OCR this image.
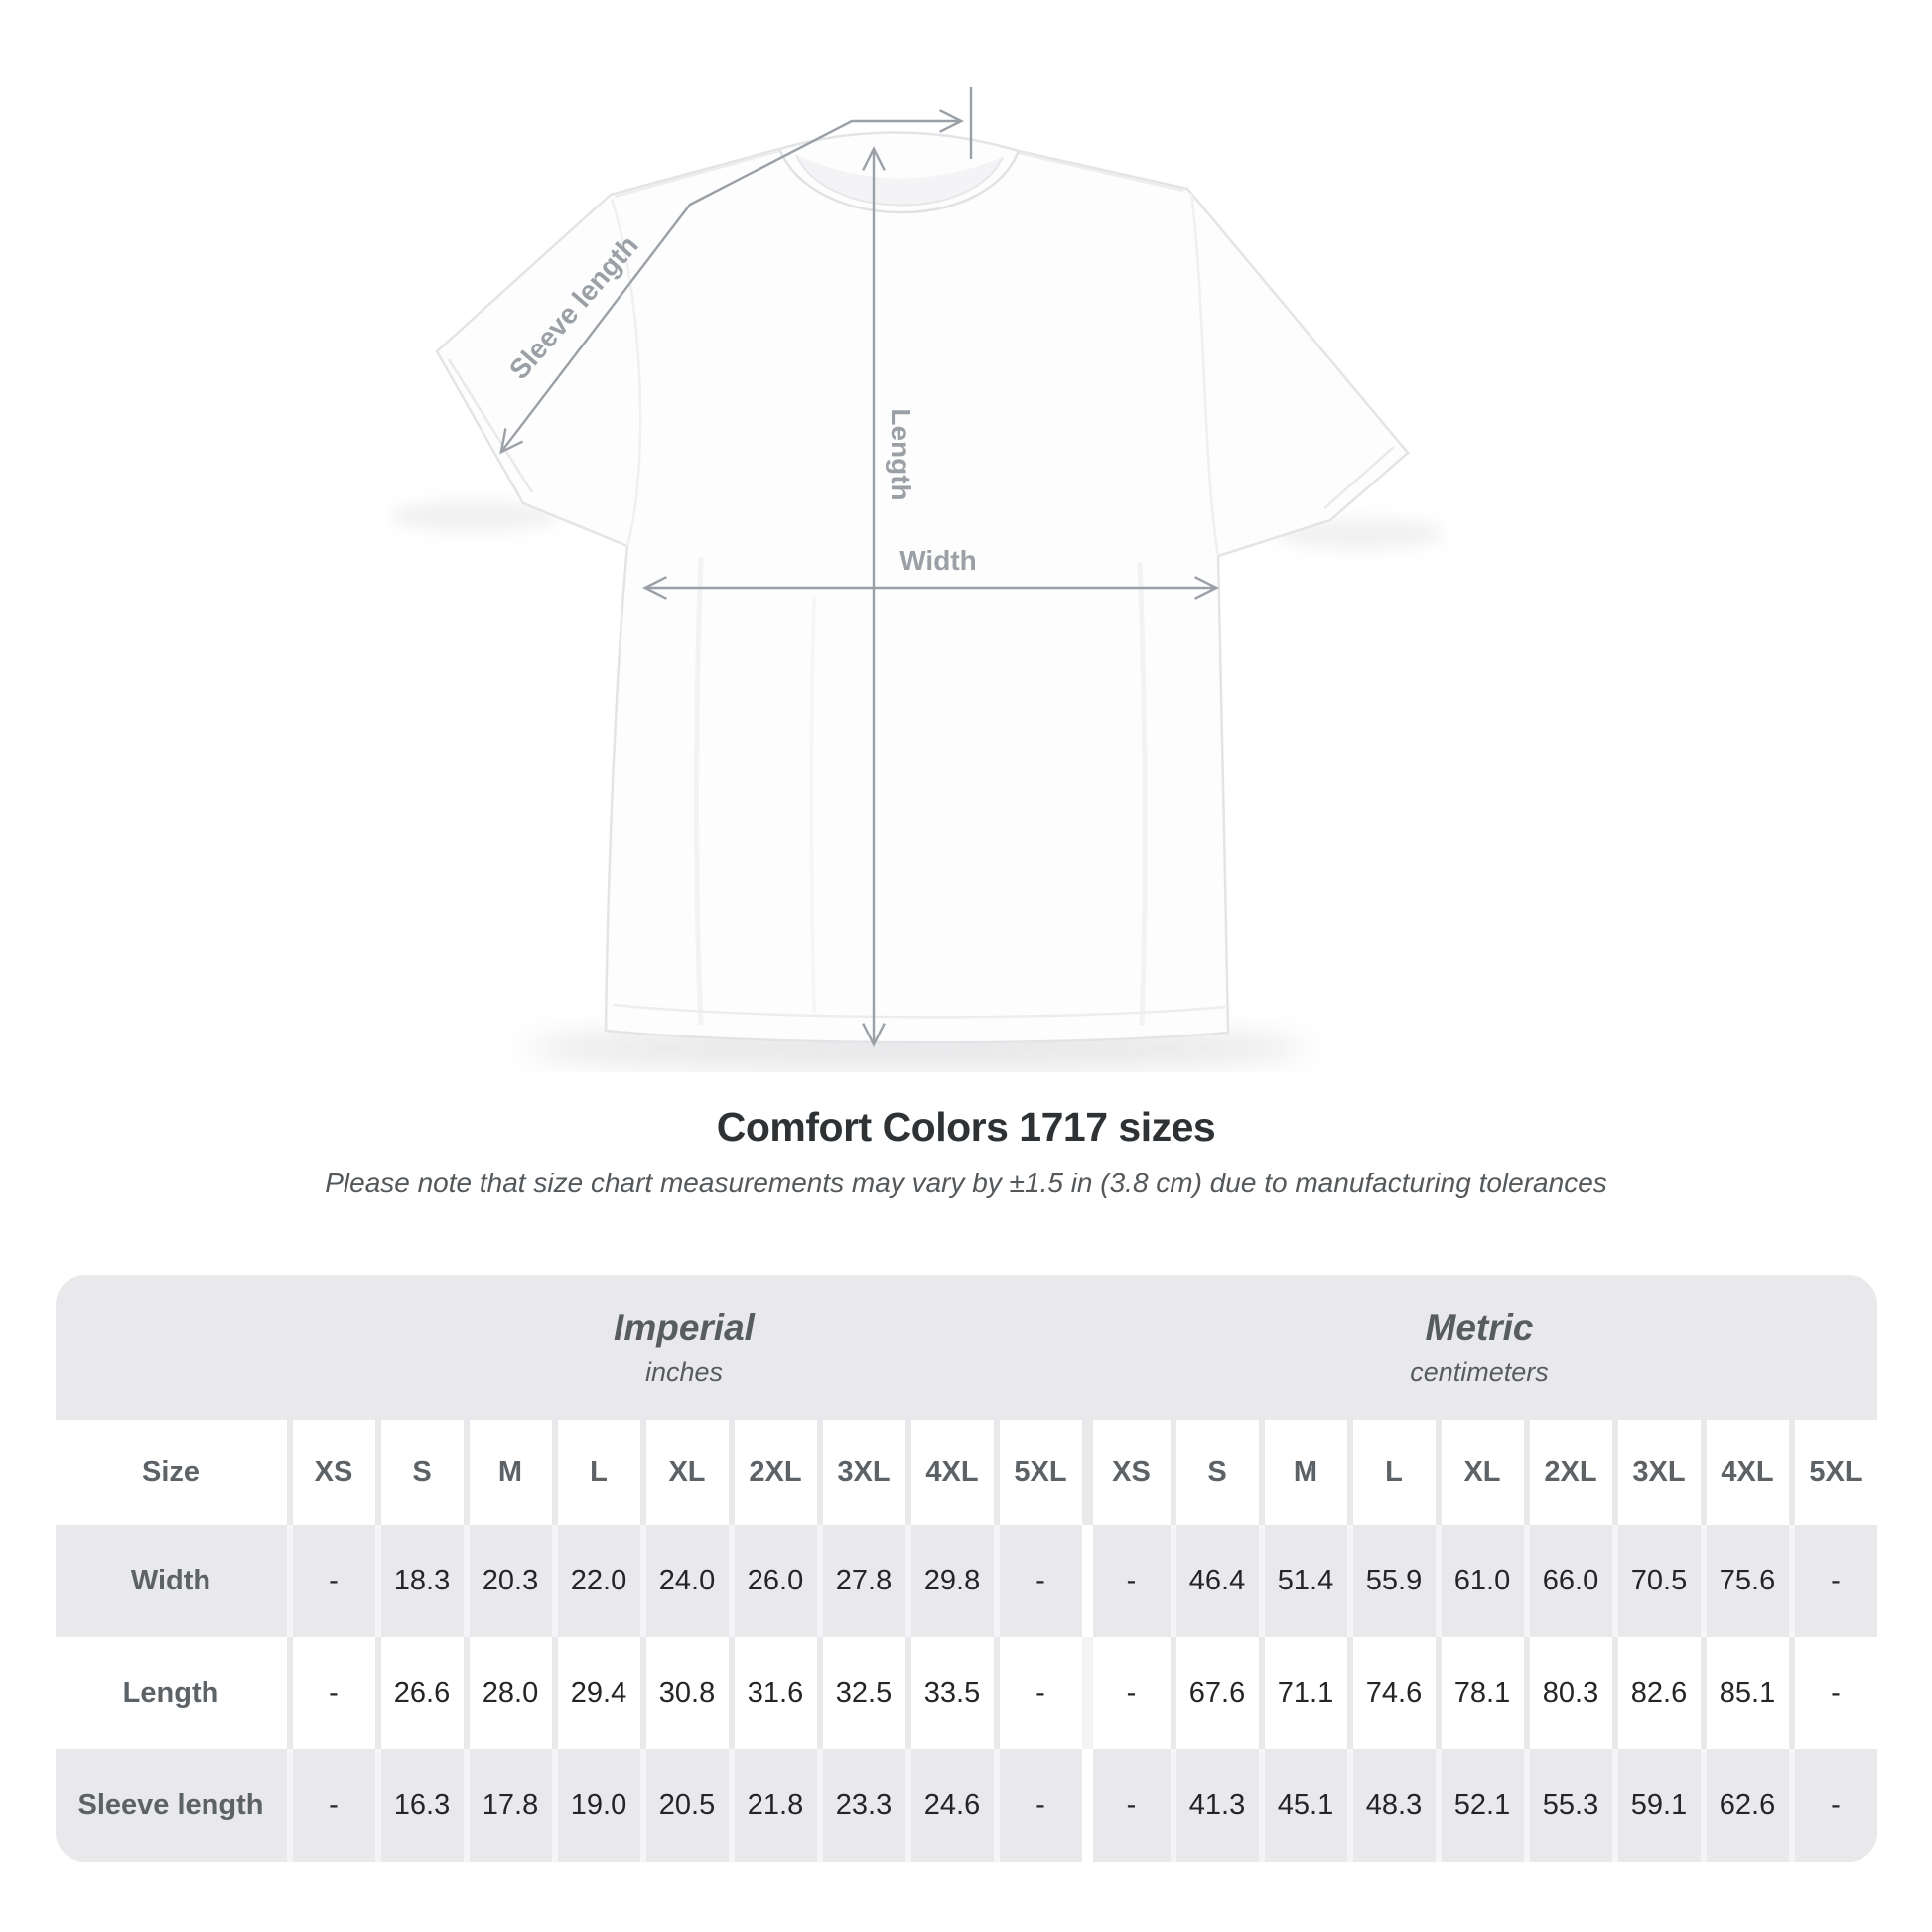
Sleeve length
Length
Width
Comfort Colors 1717 sizes

Please note that size chart measurements may vary by ±1.5 in (3.8 cm) due to manufacturing tolerances

Imperial
inches
Metric
centimeters
Size	XS	S	M	L	XL	2XL	3XL	4XL	5XL	XS	S	M	L	XL	2XL	3XL	4XL	5XL
Width	-	18.3	20.3	22.0	24.0	26.0	27.8	29.8	-	-	46.4	51.4	55.9	61.0	66.0	70.5	75.6	-
Length	-	26.6	28.0	29.4	30.8	31.6	32.5	33.5	-	-	67.6	71.1	74.6	78.1	80.3	82.6	85.1	-
Sleeve length	-	16.3	17.8	19.0	20.5	21.8	23.3	24.6	-	-	41.3	45.1	48.3	52.1	55.3	59.1	62.6	-
